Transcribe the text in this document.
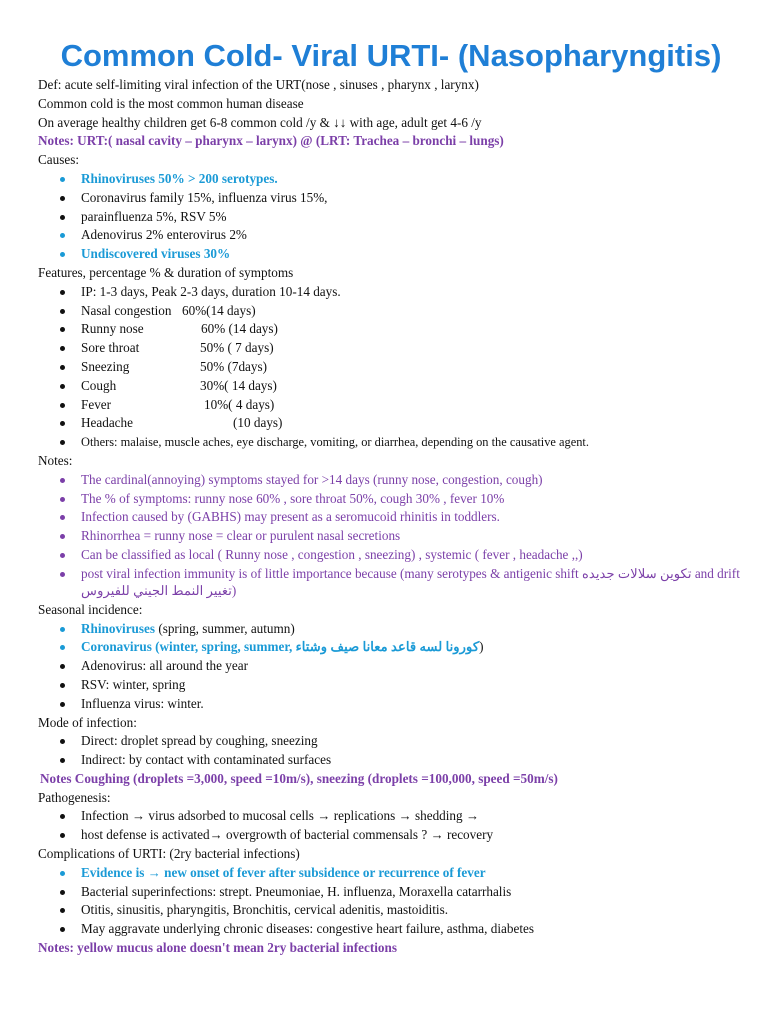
Common Cold- Viral URTI- (Nasopharyngitis)
Def: acute self-limiting viral infection of the URT(nose , sinuses , pharynx , larynx)
Common cold is the most common human disease
On average healthy children get 6-8 common cold /y & ↓↓ with age, adult get 4-6 /y
Notes: URT:( nasal cavity – pharynx – larynx) @ (LRT: Trachea – bronchi – lungs)
Causes:
Rhinoviruses 50% > 200 serotypes.
Coronavirus family 15%, influenza virus 15%,
parainfluenza 5%, RSV 5%
Adenovirus 2% enterovirus 2%
Undiscovered viruses 30%
Features, percentage % & duration of symptoms
IP: 1-3 days, Peak 2-3 days, duration 10-14 days.
Nasal congestion 60%(14 days)
Runny nose	60% (14 days)
Sore throat	50% ( 7 days)
Sneezing	50% (7days)
Cough	30%( 14 days)
Fever	10%( 4 days)
Headache	(10 days)
Others: malaise, muscle aches, eye discharge, vomiting, or diarrhea, depending on the causative agent.
Notes:
The cardinal(annoying) symptoms stayed for >14 days (runny nose, congestion, cough)
The % of symptoms: runny nose 60% , sore throat 50%, cough 30% , fever 10%
Infection caused by (GABHS) may present as a seromucoid rhinitis in toddlers.
Rhinorrhea = runny nose = clear or purulent nasal secretions
Can be classified as local ( Runny nose , congestion , sneezing) , systemic ( fever , headache ,,)
post viral infection immunity is of little importance because (many serotypes & antigenic shift تكوين سلالات جديده and drift تغيير النمط الجيني للفيروس)
Seasonal incidence:
Rhinoviruses (spring, summer, autumn)
Coronavirus (winter, spring, summer, كورونا لسه قاعد معانا صيف وشتاء)
Adenovirus: all around the year
RSV: winter, spring
Influenza virus: winter.
Mode of infection:
Direct: droplet spread by coughing, sneezing
Indirect: by contact with contaminated surfaces
Notes Coughing (droplets =3,000, speed =10m/s), sneezing (droplets =100,000, speed =50m/s)
Pathogenesis:
Infection → virus adsorbed to mucosal cells → replications → shedding →
host defense is activated→ overgrowth of bacterial commensals ? → recovery
Complications of URTI: (2ry bacterial infections)
Evidence is → new onset of fever after subsidence or recurrence of fever
Bacterial superinfections: strept. Pneumoniae, H. influenza, Moraxella catarrhalis
Otitis, sinusitis, pharyngitis, Bronchitis, cervical adenitis, mastoiditis.
May aggravate underlying chronic diseases: congestive heart failure, asthma, diabetes
Notes: yellow mucus alone doesn't mean 2ry bacterial infections
